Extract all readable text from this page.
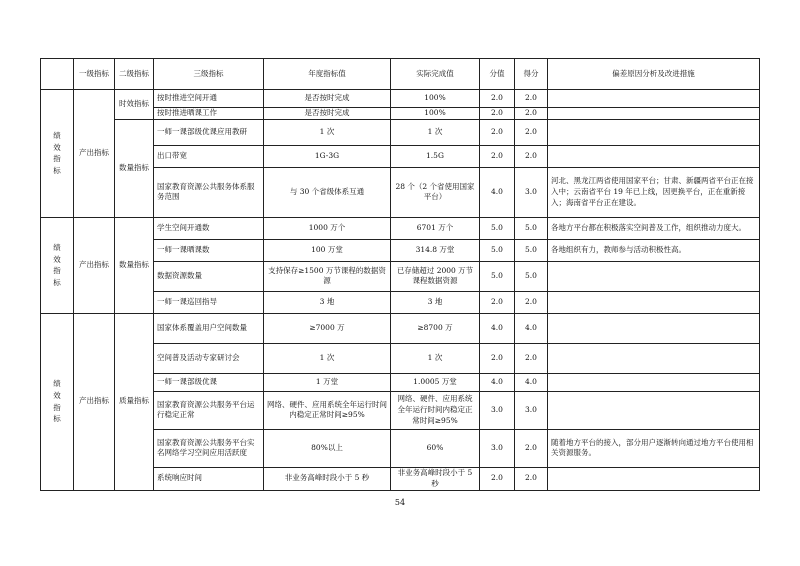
	一级指标	二级指标	三级指标	年度指标值	实际完成值	分值	得分	偏差原因分析及改进措施
绩效指标	产出指标	时效指标	按时推进空间开通	是否按时完成	100%	2.0	2.0	
			按时推进晒课工作	是否按时完成	100%	2.0	2.0	
		数量指标	一师一课部级优课应用教研	1 次	1 次	2.0	2.0	
			出口带宽	1G-3G	1.5G	2.0	2.0	
			国家教育资源公共服务体系服务范围	与 30 个省级体系互通	28 个（2 个省使用国家平台）	4.0	3.0	河北、黑龙江两省使用国家平台；甘肃、新疆两省平台正在接入中；云南省平台 19 年已上线，因更换平台，正在重新接入；海南省平台正在建设。
绩效指标	产出指标	数量指标	学生空间开通数	1000 万个	6701 万个	5.0	5.0	各地方平台都在积极落实空间普及工作，组织推动力度大。
			一师一课晒课数	100 万堂	314.8 万堂	5.0	5.0	各地组织有力，教师参与活动积极性高。
			数据资源数量	支持保存≥1500 万节课程的数据资源	已存储超过 2000 万节课程数据资源	5.0	5.0	
			一师一课巡回指导	3 地	3 地	2.0	2.0	
绩效指标	产出指标	质量指标	国家体系覆盖用户空间数量	≥7000 万	≥8700 万	4.0	4.0	
			空间普及活动专家研讨会	1 次	1 次	2.0	2.0	
			一师一课部级优课	1 万堂	1.0005 万堂	4.0	4.0	
			国家教育资源公共服务平台运行稳定正常	网络、硬件、应用系统全年运行时间内稳定正常时间≥95%	网络、硬件、应用系统全年运行时间内稳定正常时间≥95%	3.0	3.0	
			国家教育资源公共服务平台实名网络学习空间应用活跃度	80%以上	60%	3.0	2.0	随着地方平台的接入，部分用户逐渐转向通过地方平台使用相关资源服务。
			系统响应时间	非业务高峰时段小于 5 秒	非业务高峰时段小于 5 秒	2.0	2.0	
54
